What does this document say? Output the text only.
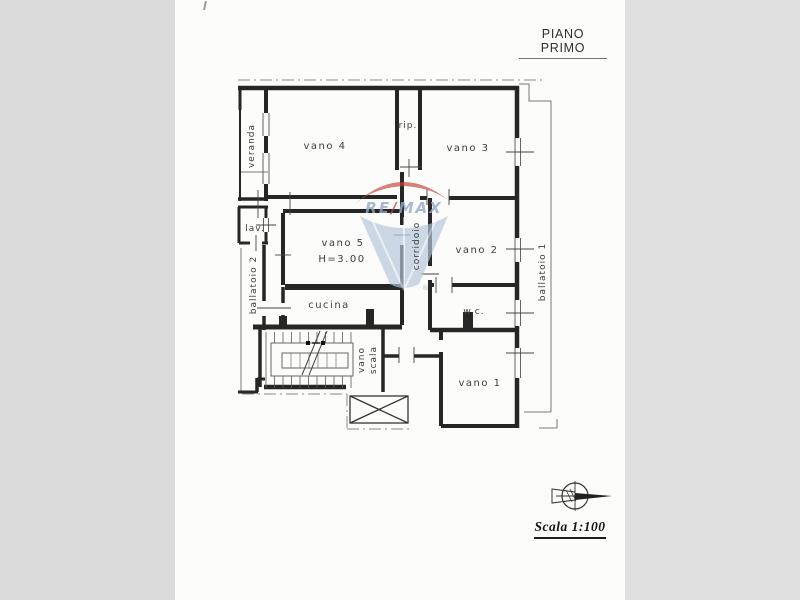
PIANO PRIMO
RE/MAX
®
veranda	vano 4
rip.
vano 3
lav.
ballatoio 2
vano 5
H=3.00	corridoio	vano 2
cucina
w.c.
ballatoio 1
vano scala
vano 1
Scala 1:100
